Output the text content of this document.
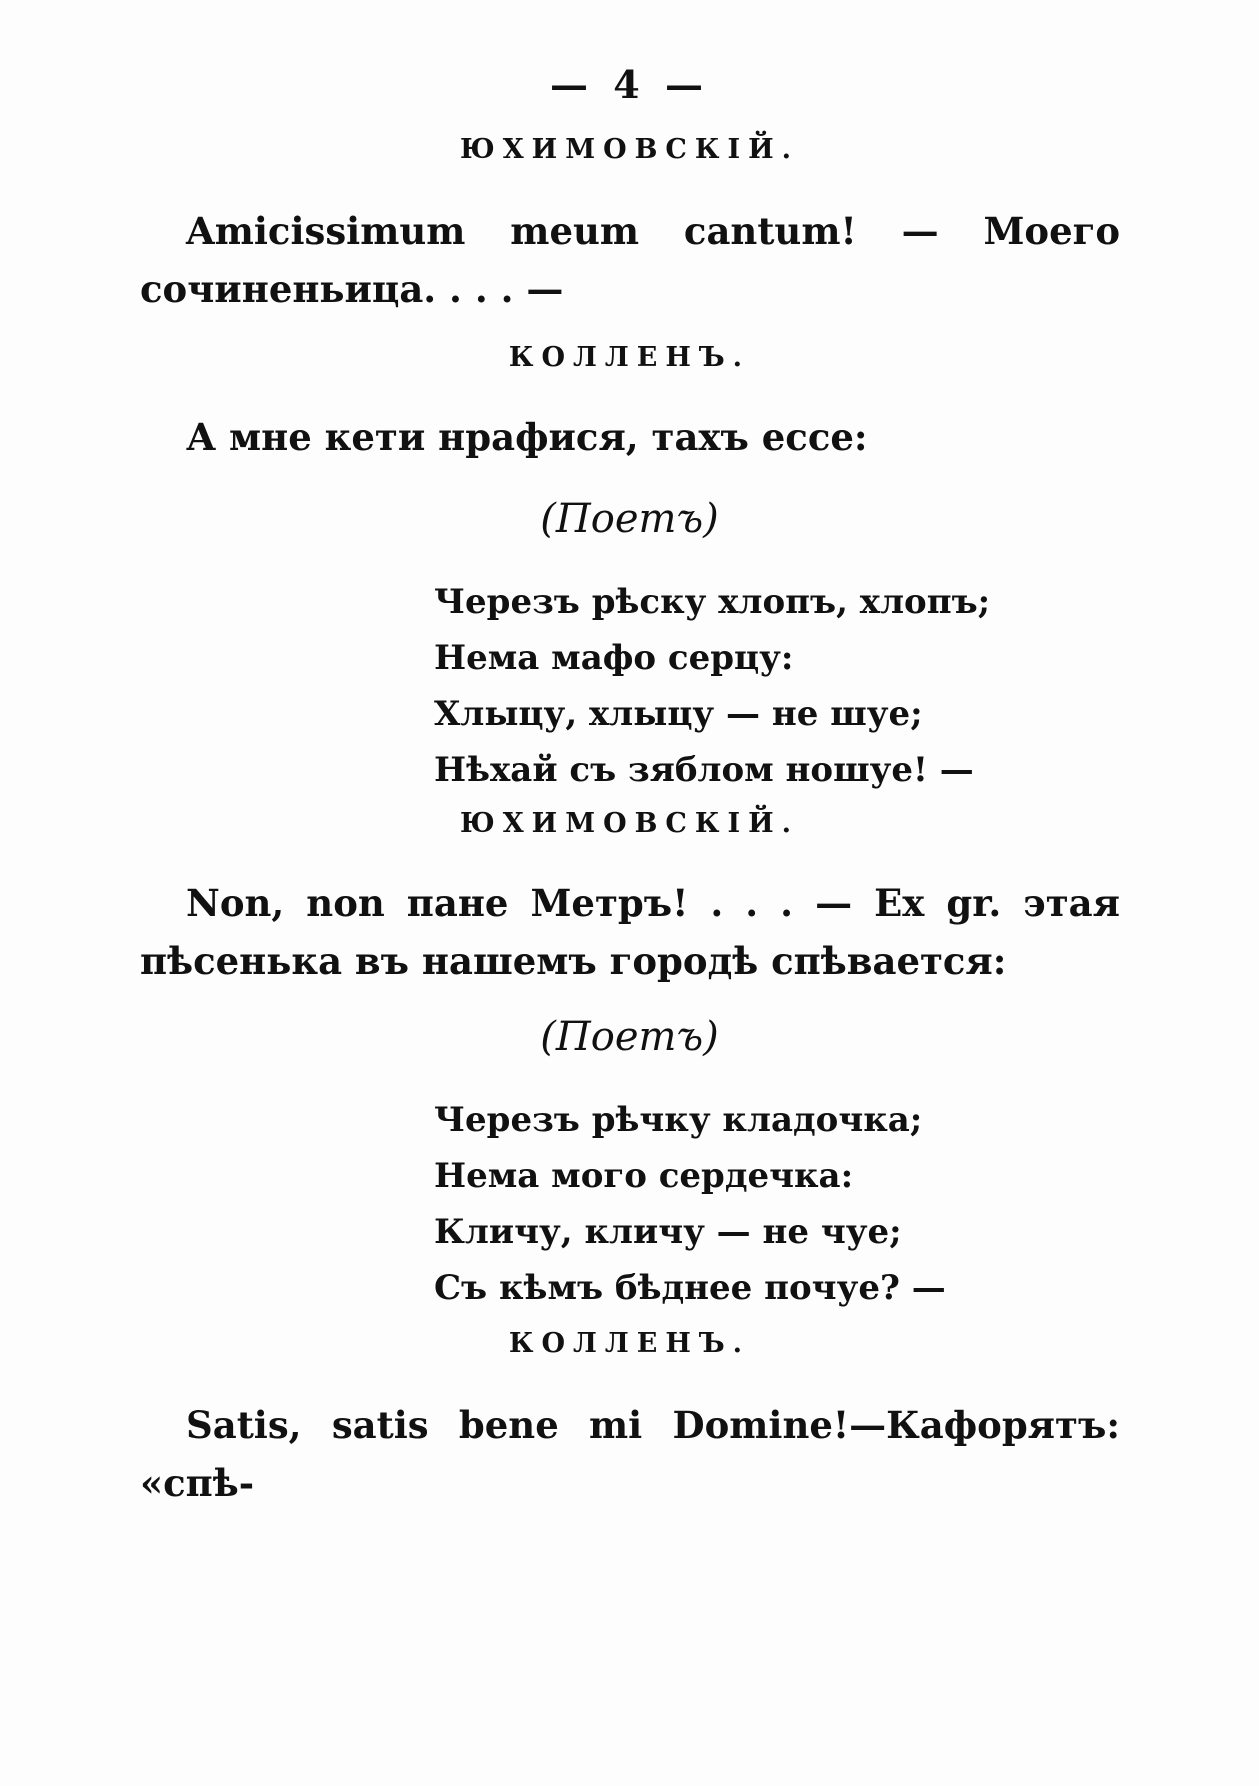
— 4 —
ЮХИМОВСКІЙ.
Amicissimum meum cantum! — Моего сочиненьица. . . . —
КОЛЛЕНЪ.
А мне кети нрафися, тахъ ессе:
(Поетъ)
Черезъ рѣску хлопъ, хлопъ;
Нема мафо серцу:
Хлыцу, хлыцу — не шуе;
Нѣхай съ зяблом ношуе! —
ЮХИМОВСКІЙ.
Non, non пане Метръ! . . . — Ex gr. этая пѣсенька въ нашемъ городѣ спѣвается:
(Поетъ)
Черезъ рѣчку кладочка;
Нема мого сердечка:
Кличу, кличу — не чуе;
Съ кѣмъ бѣднее почуе? —
КОЛЛЕНЪ.
Satis, satis bene mi Domine!—Кафорятъ: «спѣ-
